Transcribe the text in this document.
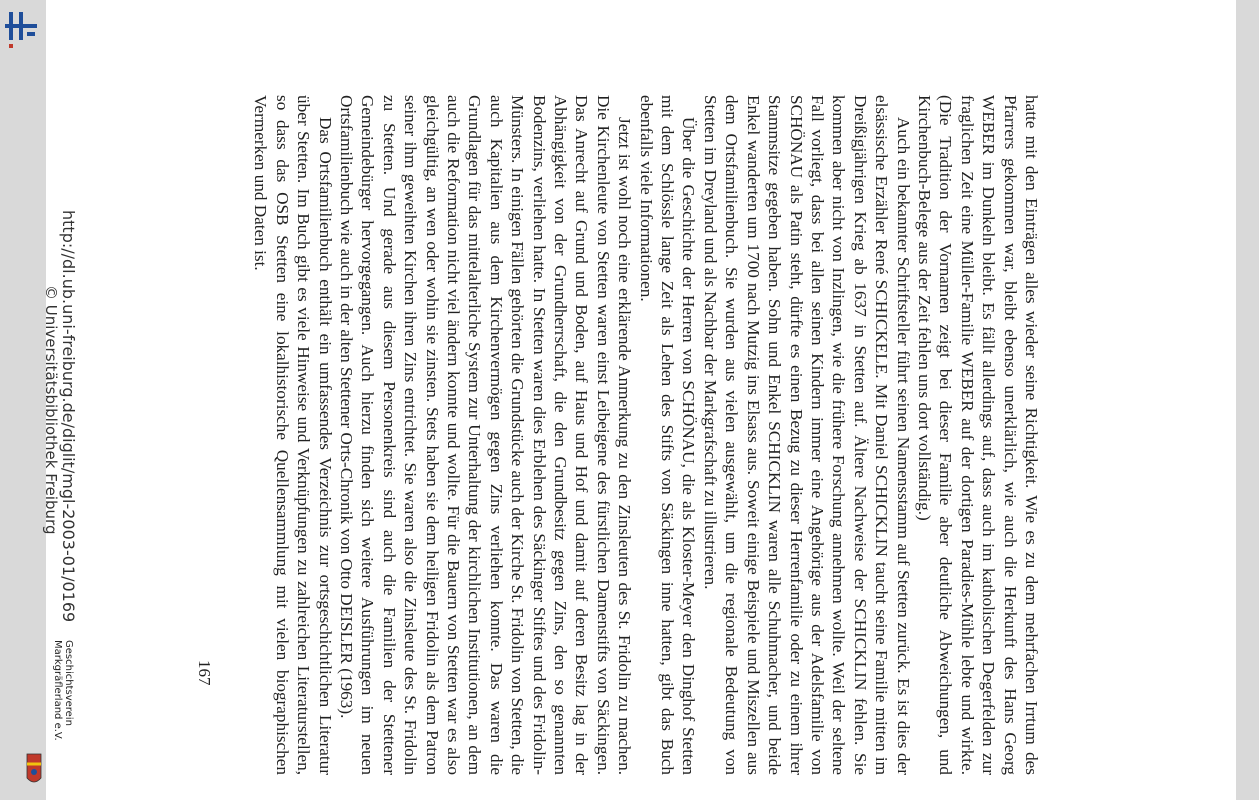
hatte mit den Einträgen alles wieder seine Richtigkeit. Wie es zu dem mehrfachen Irrtum des Pfarrers gekommen war, bleibt ebenso unerklärlich, wie auch die Herkunft des Hans Georg WEBER im Dunkeln bleibt. Es fällt allerdings auf, dass auch im katholischen Degerfelden zur fraglichen Zeit eine Müller-Familie WEBER auf der dortigen Paradies-Mühle lebte und wirkte. (Die Tradition der Vornamen zeigt bei dieser Familie aber deutliche Abweichungen, und Kirchenbuch-Belege aus der Zeit fehlen uns dort vollständig.)

Auch ein bekannter Schriftsteller führt seinen Namensstamm auf Stetten zurück. Es ist dies der elsässische Erzähler René SCHICKELE. Mit Daniel SCHICKLIN taucht seine Familie mitten im Dreißigjährigen Krieg ab 1637 in Stetten auf. Ältere Nachweise der SCHICKLIN fehlen. Sie kommen aber nicht von Inzlingen, wie die frühere Forschung annehmen wollte. Weil der seltene Fall vorliegt, dass bei allen seinen Kindern immer eine Angehörige aus der Adelsfamilie von SCHÖNAU als Patin steht, dürfte es einen Bezug zu dieser Herrenfamilie oder zu einem ihrer Stammsitze gegeben haben. Sohn und Enkel SCHICKLIN waren alle Schuhmacher, und beide Enkel wanderten um 1700 nach Mutzig ins Elsass aus. Soweit einige Beispiele und Miszellen aus dem Ortsfamilienbuch. Sie wurden aus vielen ausgewählt, um die regionale Bedeutung von Stetten im Dreyland und als Nachbar der Markgrafschaft zu illustrieren.

Über die Geschichte der Herren von SCHÖNAU, die als Kloster-Meyer den Dinghof Stetten mit dem Schlössle lange Zeit als Lehen des Stifts von Säckingen inne hatten, gibt das Buch ebenfalls viele Informationen.

Jetzt ist wohl noch eine erklärende Anmerkung zu den Zinsleuten des St. Fridolin zu machen. Die Kirchenleute von Stetten waren einst Leibeigene des fürstlichen Damenstifts von Säckingen. Das Anrecht auf Grund und Boden, auf Haus und Hof und damit auf deren Besitz lag in der Abhängigkeit von der Grundherrschaft, die den Grundbesitz gegen Zins, den so genannten Bodenzins, verliehen hatte. In Stetten waren dies Erblehen des Säckinger Stiftes und des Fridolin-Münsters. In einigen Fällen gehörten die Grundstücke auch der Kirche St. Fridolin von Stetten, die auch Kapitalien aus dem Kirchenvermögen gegen Zins verliehen konnte. Das waren die Grundlagen für das mittelalterliche System zur Unterhaltung der kirchlichen Institutionen, an dem auch die Reformation nicht viel ändern konnte und wollte. Für die Bauern von Stetten war es also gleichgültig, an wen oder wohin sie zinsten. Stets haben sie dem heiligen Fridolin als dem Patron seiner ihm geweihten Kirchen ihren Zins entrichtet. Sie waren also die Zinsleute des St. Fridolin zu Stetten. Und gerade aus diesem Personenkreis sind auch die Familien der Stettener Gemeindebürger hervorgegangen. Auch hierzu finden sich weitere Ausführungen im neuen Ortsfamilienbuch wie auch in der alten Stettener Orts-Chronik von Otto DEISLER (1963).

Das Ortsfamilienbuch enthält ein umfassendes Verzeichnis zur ortsgeschichtlichen Literatur über Stetten. Im Buch gibt es viele Hinweise und Verknüpfungen zu zahlreichen Literaturstellen, so dass das OSB Stetten eine lokalhistorische Quellensammlung mit vielen biographischen Vermerken und Daten ist.

167
http://dl.ub.uni-freiburg.de/diglit/mgl-2003-01/0169
© Universitätsbibliothek Freiburg
Geschichtsverein
Markgräflerland e.V.
